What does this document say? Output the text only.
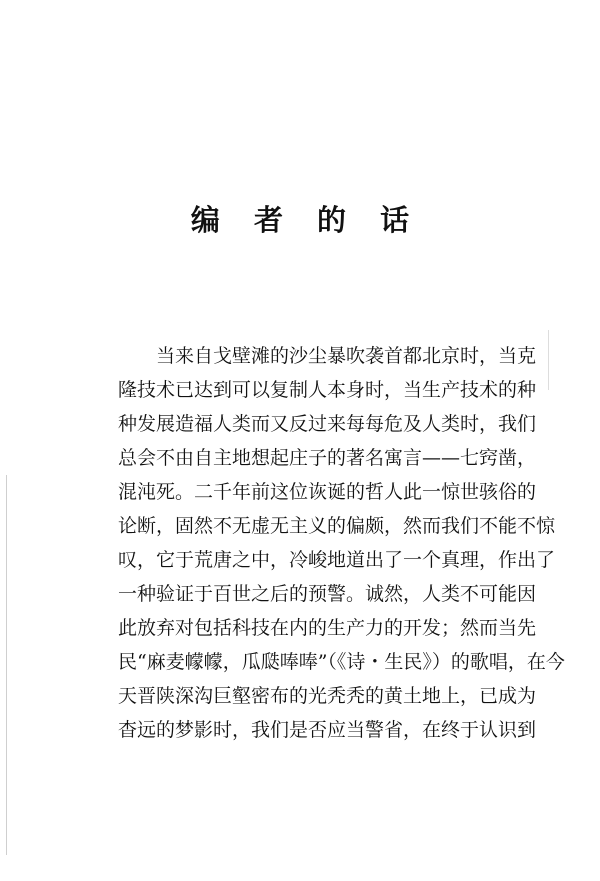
编 者 的 话
当来自戈壁滩的沙尘暴吹袭首都北京时，当克
隆技术已达到可以复制人本身时，当生产技术的种
种发展造福人类而又反过来每每危及人类时，我们
总会不由自主地想起庄子的著名寓言——七窍凿，
混沌死。二千年前这位诙诞的哲人此一惊世骇俗的
论断，固然不无虚无主义的偏颇，然而我们不能不惊
叹，它于荒唐之中，冷峻地道出了一个真理，作出了
一种验证于百世之后的预警。诚然，人类不可能因
此放弃对包括科技在内的生产力的开发；然而当先
民“麻麦幪幪，瓜瓞唪唪”（《诗・生民》）的歌唱，在今
天晋陕深沟巨壑密布的光秃秃的黄土地上，已成为
杳远的梦影时，我们是否应当警省，在终于认识到
